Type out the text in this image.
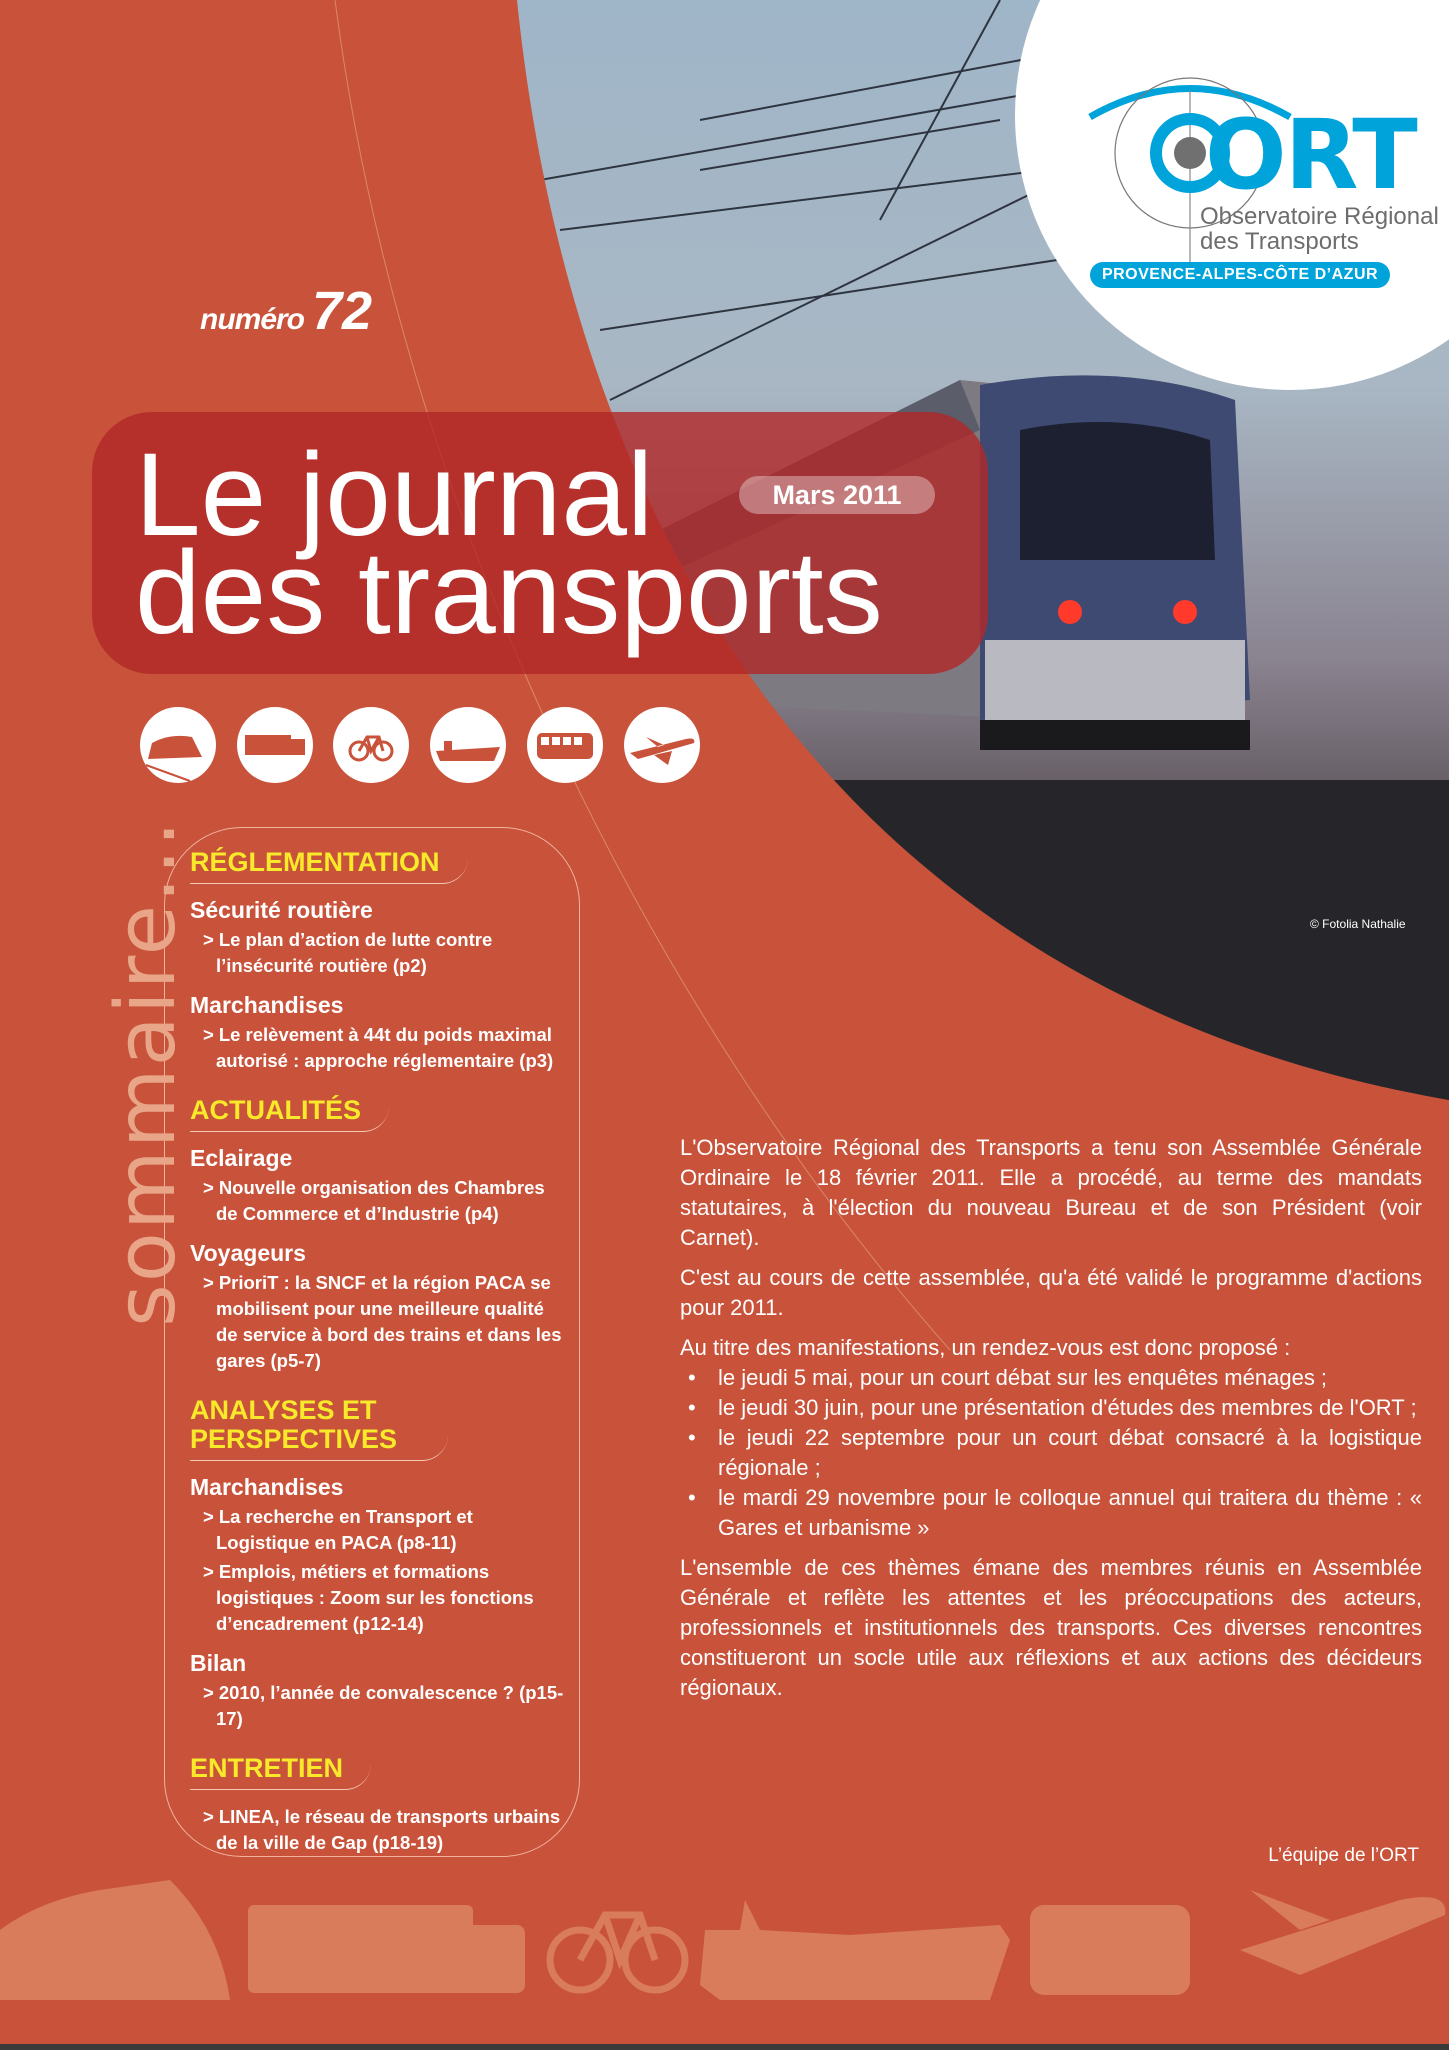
ORT
Observatoire Régional
des Transports
PROVENCE-ALPES-CÔTE D’AZUR
numéro 72
Le journal
des transports
Mars 2011
© Fotolia Nathalie
sommaire...
RÉGLEMENTATION
Sécurité routière
> Le plan d’action de lutte contre l’insécurité routière (p2)
Marchandises
> Le relèvement à 44t du poids maximal autorisé : approche réglementaire (p3)
ACTUALITÉS
Eclairage
> Nouvelle organisation des Chambres de Commerce et d’Industrie (p4)
Voyageurs
> PrioriT : la SNCF et la région PACA se mobilisent pour une meilleure qualité de service à bord des trains et dans les gares (p5-7)
ANALYSES ET PERSPECTIVES
Marchandises
> La recherche en Transport et Logistique en PACA (p8-11)
> Emplois, métiers et formations logistiques : Zoom sur les fonctions d’encadrement (p12-14)
Bilan
> 2010, l’année de convalescence ? (p15-17)
ENTRETIEN
> LINEA, le réseau de transports urbains de la ville de Gap (p18-19)

L'Observatoire Régional des Transports a tenu son Assemblée Générale Ordinaire le 18 février 2011. Elle a procédé, au terme des mandats statutaires, à l'élection du nouveau Bureau et de son Président (voir Carnet).

C'est au cours de cette assemblée, qu'a été validé le programme d'actions pour 2011.

Au titre des manifestations, un rendez-vous est donc proposé :

• le jeudi 5 mai, pour un court débat sur les enquêtes ménages ;
• le jeudi 30 juin, pour une présentation d'études des membres de l'ORT ;
• le jeudi 22 septembre pour un court débat consacré à la logistique régionale ;
• le mardi 29 novembre pour le colloque annuel qui traitera du thème : « Gares et urbanisme »

L'ensemble de ces thèmes émane des membres réunis en Assemblée Générale et reflète les attentes et les préoccupations des acteurs, professionnels et institutionnels des transports. Ces diverses rencontres constitueront un socle utile aux réflexions et aux actions des décideurs régionaux.

L’équipe de l’ORT
